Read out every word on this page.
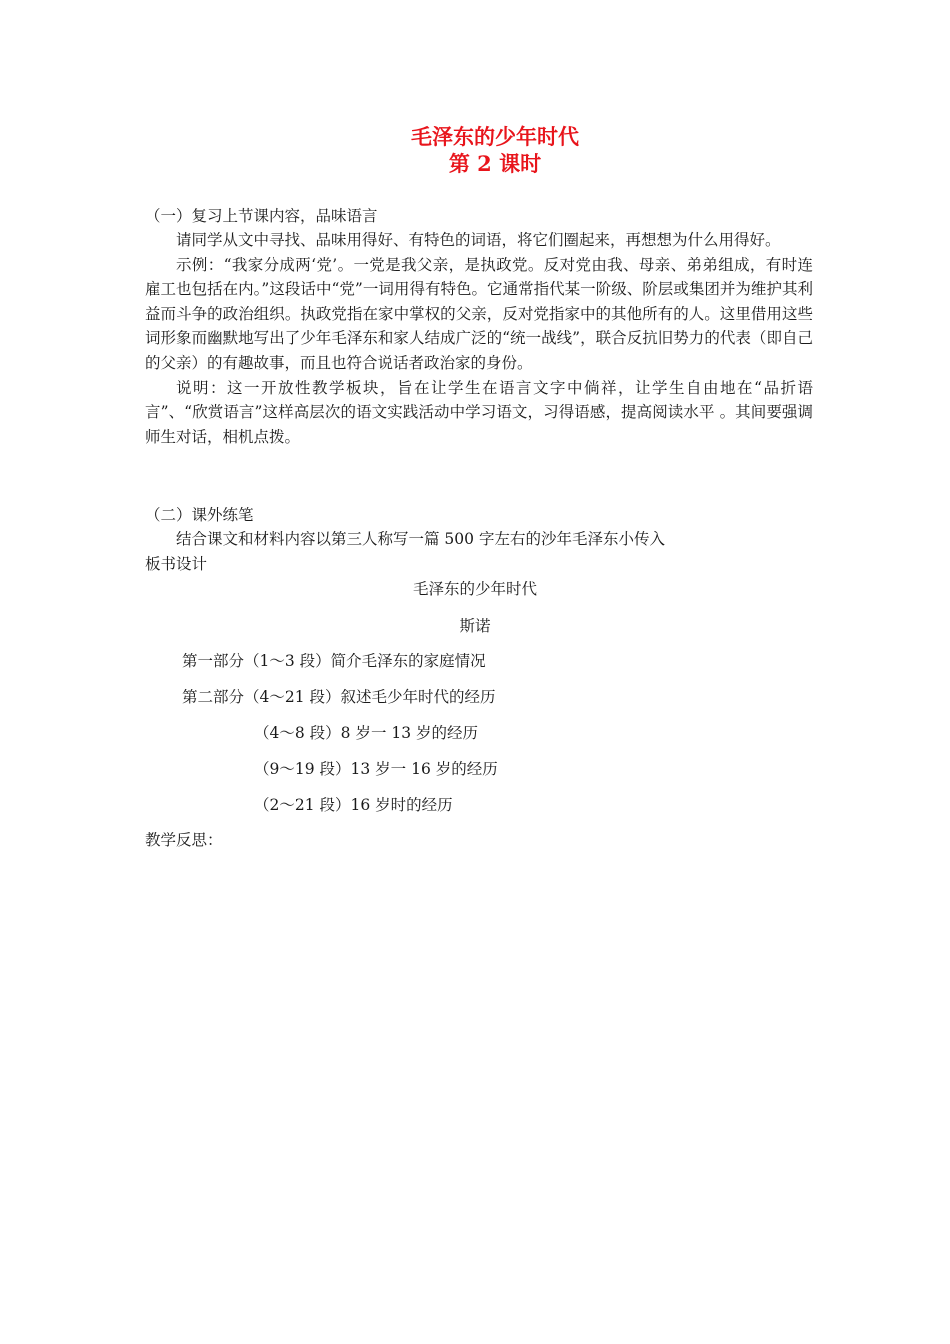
毛泽东的少年时代
第 2 课时

（一）复习上节课内容，品味语言

请同学从文中寻找、品味用得好、有特色的词语，将它们圈起来，再想想为什么用得好。

示例：“我家分成两‘党’。一党是我父亲，是执政党。反对党由我、母亲、弟弟组成，有时连雇工也包括在内。”这段话中“党”一词用得有特色。它通常指代某一阶级、阶层或集团并为维护其利益而斗争的政治组织。执政党指在家中掌权的父亲，反对党指家中的其他所有的人。这里借用这些词形象而幽默地写出了少年毛泽东和家人结成广泛的“统一战线”，联合反抗旧势力的代表（即自己的父亲）的有趣故事，而且也符合说话者政治家的身份。

说明：这一开放性教学板块，旨在让学生在语言文字中倘祥，让学生自由地在“品折语言”、“欣赏语言”这样高层次的语文实践活动中学习语文，习得语感，提高阅读水平 。其间要强调师生对话，相机点拨。

（二）课外练笔

结合课文和材料内容以第三人称写一篇 500 字左右的沙年毛泽东小传入

板书设计

毛泽东的少年时代

斯诺

第一部分（1～3 段）简介毛泽东的家庭情况

第二部分（4～21 段）叙述毛少年时代的经历

（4～8 段）8 岁一 13 岁的经历

（9～19 段）13 岁一 16 岁的经历

（2～21 段）16 岁时的经历

教学反思：
